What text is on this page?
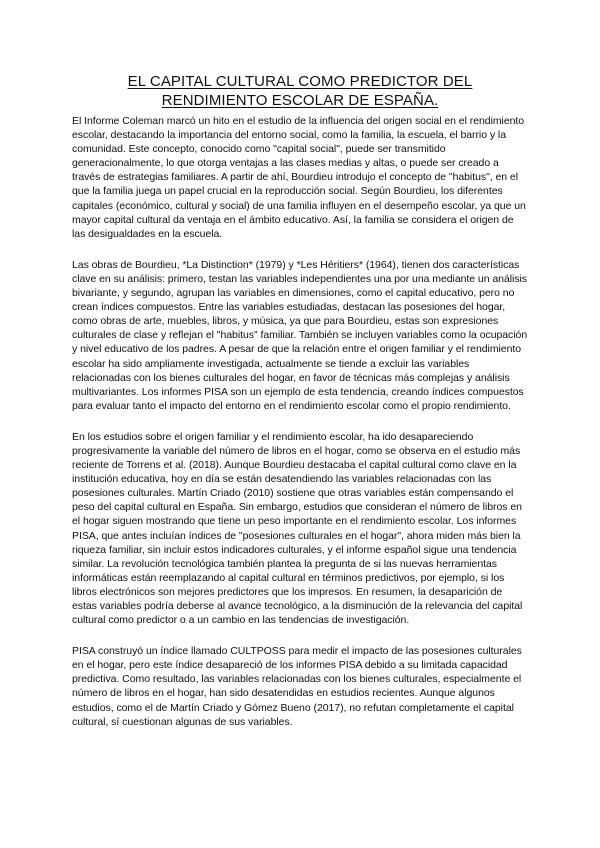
EL CAPITAL CULTURAL COMO PREDICTOR DEL
RENDIMIENTO ESCOLAR DE ESPAÑA.

El Informe Coleman marcó un hito en el estudio de la influencia del origen social en el rendimiento escolar, destacando la importancia del entorno social, como la familia, la escuela, el barrio y la comunidad. Este concepto, conocido como "capital social", puede ser transmitido generacionalmente, lo que otorga ventajas a las clases medias y altas, o puede ser creado a través de estrategias familiares. A partir de ahí, Bourdieu introdujo el concepto de "habitus", en el que la familia juega un papel crucial en la reproducción social. Según Bourdieu, los diferentes capitales (económico, cultural y social) de una familia influyen en el desempeño escolar, ya que un mayor capital cultural da ventaja en el ámbito educativo. Así, la familia se considera el origen de las desigualdades en la escuela.

Las obras de Bourdieu, *La Distinction* (1979) y *Les Héritiers* (1964), tienen dos características clave en su análisis: primero, testan las variables independientes una por una mediante un análisis bivariante, y segundo, agrupan las variables en dimensiones, como el capital educativo, pero no crean índices compuestos. Entre las variables estudiadas, destacan las posesiones del hogar, como obras de arte, muebles, libros, y música, ya que para Bourdieu, estas son expresiones culturales de clase y reflejan el "habitus" familiar. También se incluyen variables como la ocupación y nivel educativo de los padres. A pesar de que la relación entre el origen familiar y el rendimiento escolar ha sido ampliamente investigada, actualmente se tiende a excluir las variables relacionadas con los bienes culturales del hogar, en favor de técnicas más complejas y análisis multivariantes. Los informes PISA son un ejemplo de esta tendencia, creando índices compuestos para evaluar tanto el impacto del entorno en el rendimiento escolar como el propio rendimiento.

En los estudios sobre el origen familiar y el rendimiento escolar, ha ido desapareciendo progresivamente la variable del número de libros en el hogar, como se observa en el estudio más reciente de Torrens et al. (2018). Aunque Bourdieu destacaba el capital cultural como clave en la institución educativa, hoy en día se están desatendiendo las variables relacionadas con las posesiones culturales. Martín Criado (2010) sostiene que otras variables están compensando el peso del capital cultural en España. Sin embargo, estudios que consideran el número de libros en el hogar siguen mostrando que tiene un peso importante en el rendimiento escolar. Los informes PISA, que antes incluían índices de "posesiones culturales en el hogar", ahora miden más bien la riqueza familiar, sin incluir estos indicadores culturales, y el informe español sigue una tendencia similar. La revolución tecnológica también plantea la pregunta de si las nuevas herramientas informáticas están reemplazando al capital cultural en términos predictivos, por ejemplo, si los libros electrónicos son mejores predictores que los impresos. En resumen, la desaparición de estas variables podría deberse al avance tecnológico, a la disminución de la relevancia del capital cultural como predictor o a un cambio en las tendencias de investigación.

PISA construyó un índice llamado CULTPOSS para medir el impacto de las posesiones culturales en el hogar, pero este índice desapareció de los informes PISA debido a su limitada capacidad predictiva. Como resultado, las variables relacionadas con los bienes culturales, especialmente el número de libros en el hogar, han sido desatendidas en estudios recientes. Aunque algunos estudios, como el de Martín Criado y Gómez Bueno (2017), no refutan completamente el capital cultural, sí cuestionan algunas de sus variables.
